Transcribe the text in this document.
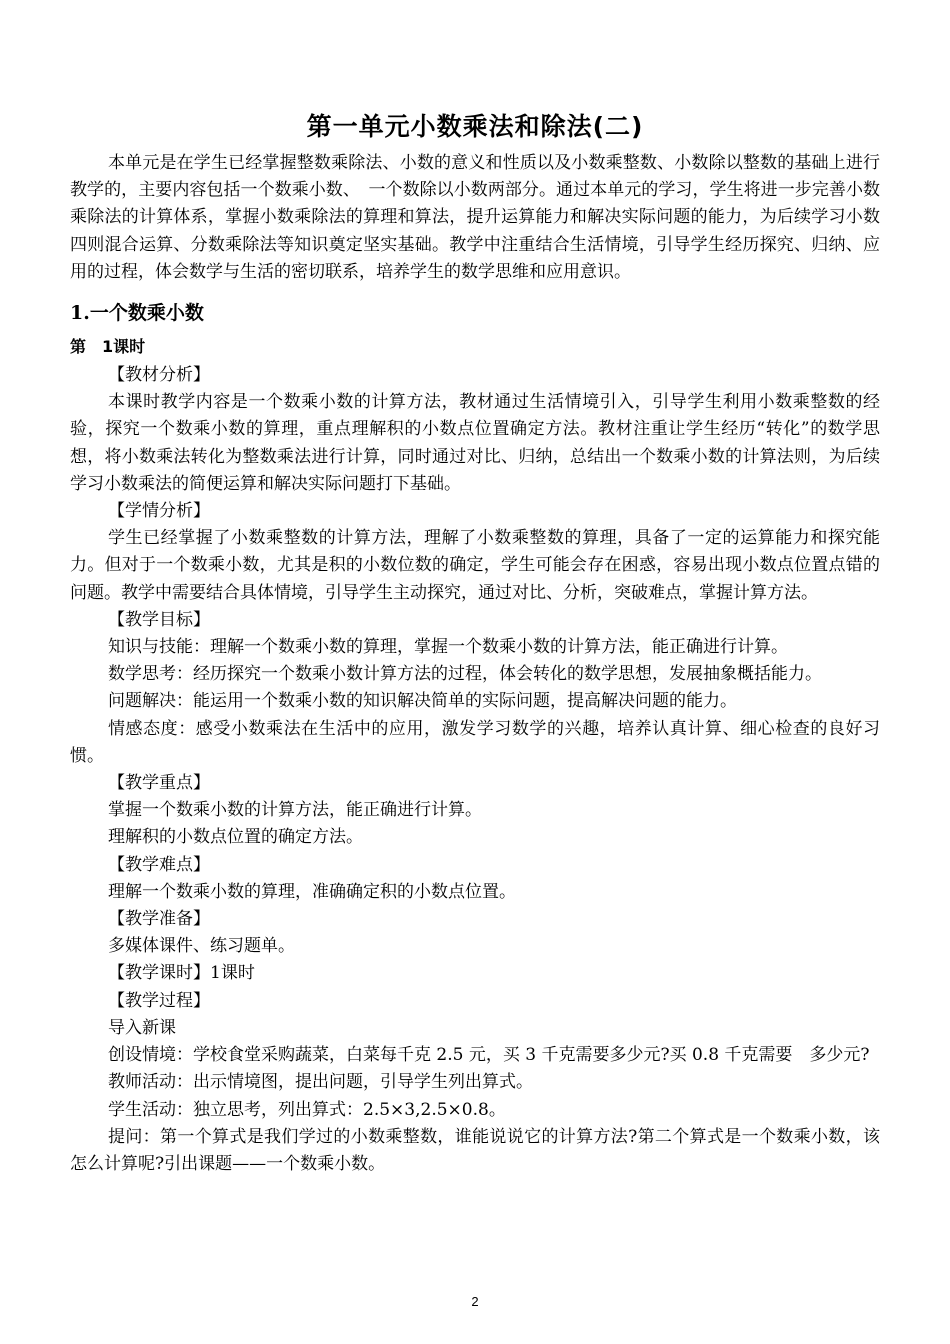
第一单元小数乘法和除法(二)

本单元是在学生已经掌握整数乘除法、小数的意义和性质以及小数乘整数、小数除以整数的基础上进行教学的，主要内容包括一个数乘小数、　一个数除以小数两部分。通过本单元的学习，学生将进一步完善小数乘除法的计算体系，掌握小数乘除法的算理和算法，提升运算能力和解决实际问题的能力，为后续学习小数四则混合运算、分数乘除法等知识奠定坚实基础。教学中注重结合生活情境，引导学生经历探究、归纳、应用的过程，体会数学与生活的密切联系，培养学生的数学思维和应用意识。

1.一个数乘小数

第　1课时

【教材分析】

本课时教学内容是一个数乘小数的计算方法，教材通过生活情境引入，引导学生利用小数乘整数的经验，探究一个数乘小数的算理，重点理解积的小数点位置确定方法。教材注重让学生经历“转化”的数学思想，将小数乘法转化为整数乘法进行计算，同时通过对比、归纳，总结出一个数乘小数的计算法则，为后续学习小数乘法的简便运算和解决实际问题打下基础。

【学情分析】

学生已经掌握了小数乘整数的计算方法，理解了小数乘整数的算理，具备了一定的运算能力和探究能力。但对于一个数乘小数，尤其是积的小数位数的确定，学生可能会存在困惑，容易出现小数点位置点错的问题。教学中需要结合具体情境，引导学生主动探究，通过对比、分析，突破难点，掌握计算方法。

【教学目标】

知识与技能：理解一个数乘小数的算理，掌握一个数乘小数的计算方法，能正确进行计算。

数学思考：经历探究一个数乘小数计算方法的过程，体会转化的数学思想，发展抽象概括能力。

问题解决：能运用一个数乘小数的知识解决简单的实际问题，提高解决问题的能力。

情感态度：感受小数乘法在生活中的应用，激发学习数学的兴趣，培养认真计算、细心检查的良好习惯。

【教学重点】

掌握一个数乘小数的计算方法，能正确进行计算。

理解积的小数点位置的确定方法。

【教学难点】

理解一个数乘小数的算理，准确确定积的小数点位置。

【教学准备】

多媒体课件、练习题单。

【教学课时】1课时

【教学过程】

导入新课

创设情境：学校食堂采购蔬菜，白菜每千克 2.5 元，买 3 千克需要多少元?买 0.8 千克需要　多少元?

教师活动：出示情境图，提出问题，引导学生列出算式。

学生活动：独立思考，列出算式：2.5×3,2.5×0.8。

提问：第一个算式是我们学过的小数乘整数，谁能说说它的计算方法?第二个算式是一个数乘小数，该怎么计算呢?引出课题——一个数乘小数。

2
